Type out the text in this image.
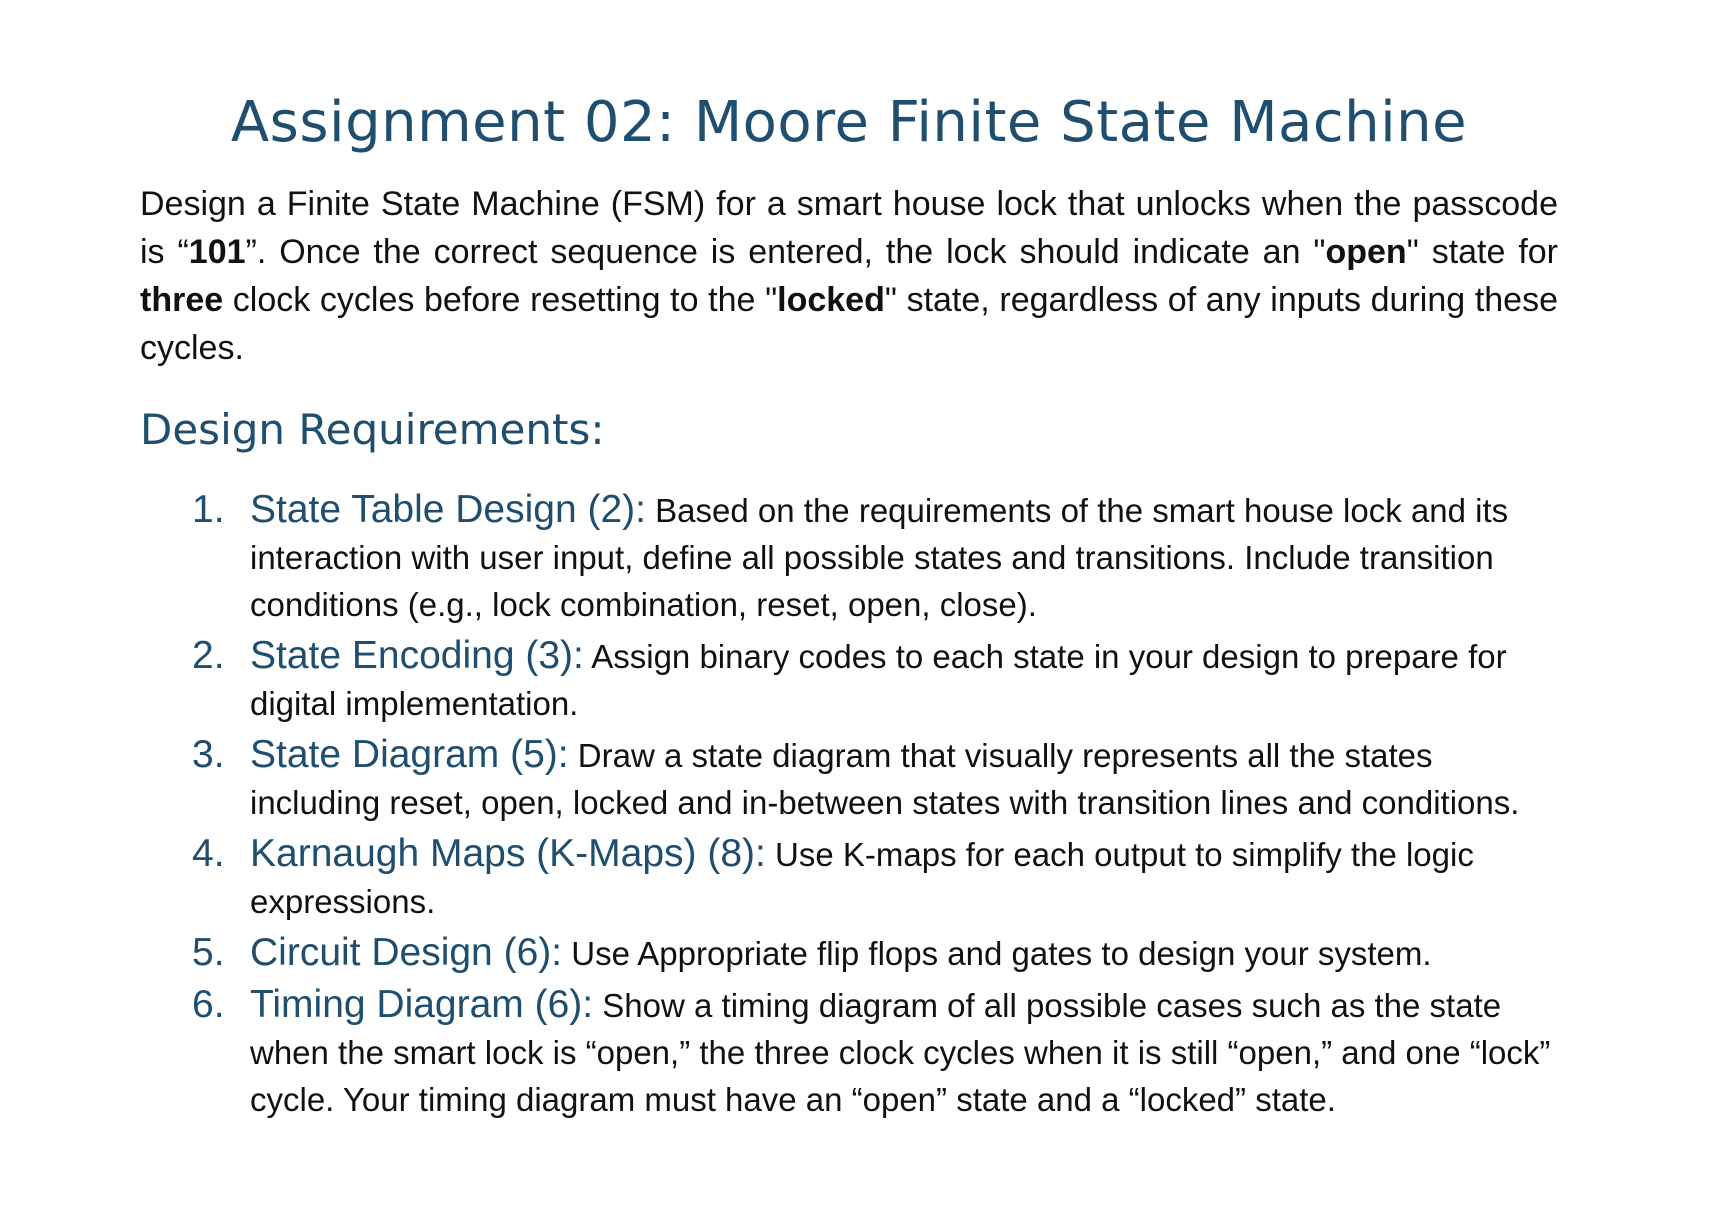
Assignment 02: Moore Finite State Machine

Design a Finite State Machine (FSM) for a smart house lock that unlocks when the passcode is “101”. Once the correct sequence is entered, the lock should indicate an "open" state for three clock cycles before resetting to the "locked" state, regardless of any inputs during these cycles.

Design Requirements:
1. State Table Design (2): Based on the requirements of the smart house lock and its interaction with user input, define all possible states and transitions. Include transition conditions (e.g., lock combination, reset, open, close).
2. State Encoding (3): Assign binary codes to each state in your design to prepare for digital implementation.
3. State Diagram (5): Draw a state diagram that visually represents all the states including reset, open, locked and in-between states with transition lines and conditions.
4. Karnaugh Maps (K-Maps) (8): Use K-maps for each output to simplify the logic expressions.
5. Circuit Design (6): Use Appropriate flip flops and gates to design your system.
6. Timing Diagram (6): Show a timing diagram of all possible cases such as the state when the smart lock is “open,” the three clock cycles when it is still “open,” and one “lock” cycle. Your timing diagram must have an “open” state and a “locked” state.
